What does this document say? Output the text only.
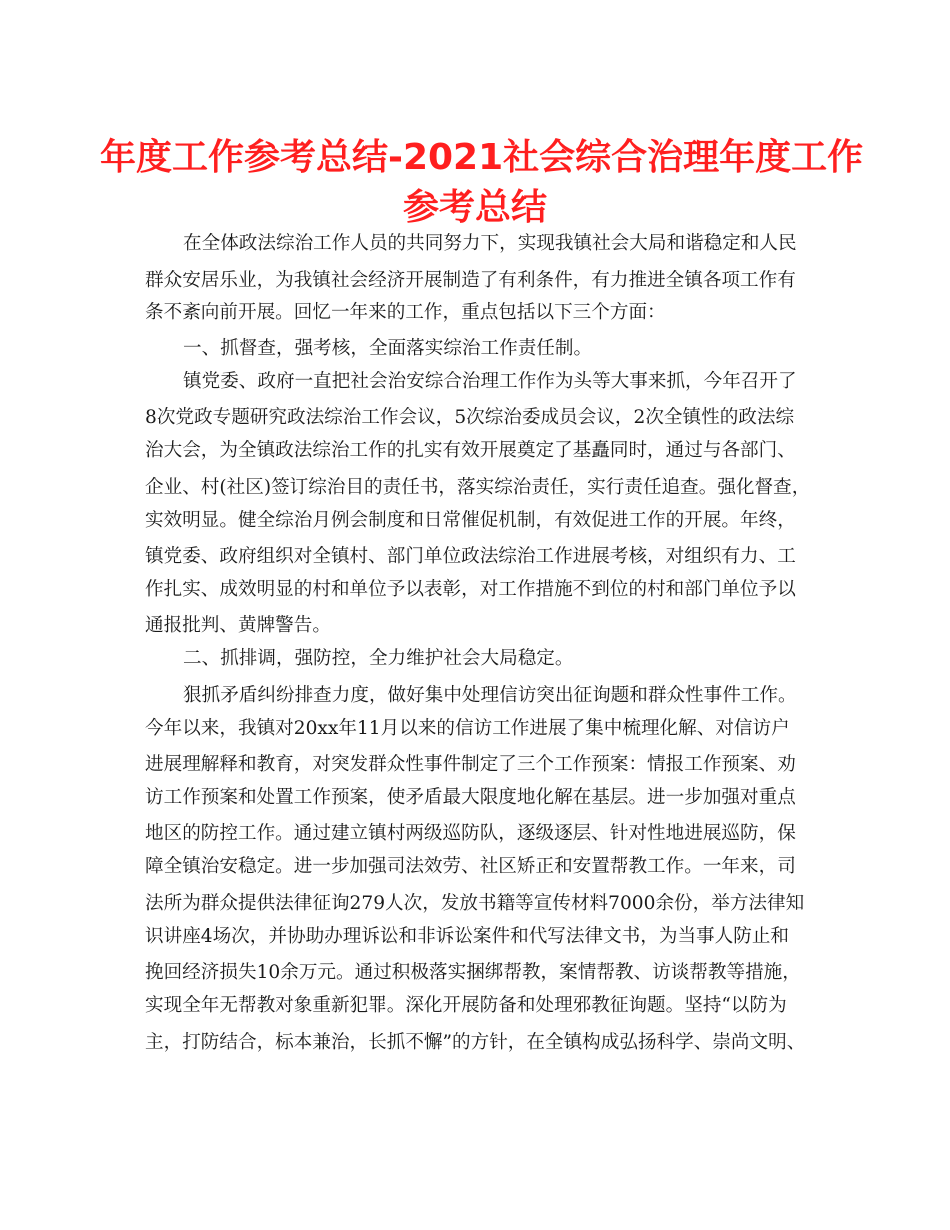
年度工作参考总结-2021社会综合治理年度工作
参考总结
在全体政法综治工作人员的共同努力下，实现我镇社会大局和谐稳定和人民
群众安居乐业，为我镇社会经济开展制造了有利条件，有力推进全镇各项工作有
条不紊向前开展。回忆一年来的工作，重点包括以下三个方面：
一、抓督查，强考核，全面落实综治工作责任制。
镇党委、政府一直把社会治安综合治理工作作为头等大事来抓，今年召开了
8次党政专题研究政法综治工作会议，5次综治委成员会议，2次全镇性的政法综
治大会，为全镇政法综治工作的扎实有效开展奠定了基矗同时，通过与各部门、
企业、村(社区)签订综治目的责任书，落实综治责任，实行责任追查。强化督查，
实效明显。健全综治月例会制度和日常催促机制，有效促进工作的开展。年终，
镇党委、政府组织对全镇村、部门单位政法综治工作进展考核，对组织有力、工
作扎实、成效明显的村和单位予以表彰，对工作措施不到位的村和部门单位予以
通报批判、黄牌警告。
二、抓排调，强防控，全力维护社会大局稳定。
狠抓矛盾纠纷排查力度，做好集中处理信访突出征询题和群众性事件工作。
今年以来，我镇对20xx年11月以来的信访工作进展了集中梳理化解、对信访户
进展理解释和教育，对突发群众性事件制定了三个工作预案：情报工作预案、劝
访工作预案和处置工作预案，使矛盾最大限度地化解在基层。进一步加强对重点
地区的防控工作。通过建立镇村两级巡防队，逐级逐层、针对性地进展巡防，保
障全镇治安稳定。进一步加强司法效劳、社区矫正和安置帮教工作。一年来，司
法所为群众提供法律征询279人次，发放书籍等宣传材料7000余份，举方法律知
识讲座4场次，并协助办理诉讼和非诉讼案件和代写法律文书，为当事人防止和
挽回经济损失10余万元。通过积极落实捆绑帮教，案情帮教、访谈帮教等措施，
实现全年无帮教对象重新犯罪。深化开展防备和处理邪教征询题。坚持“以防为
主，打防结合，标本兼治，长抓不懈”的方针，在全镇构成弘扬科学、崇尚文明、
